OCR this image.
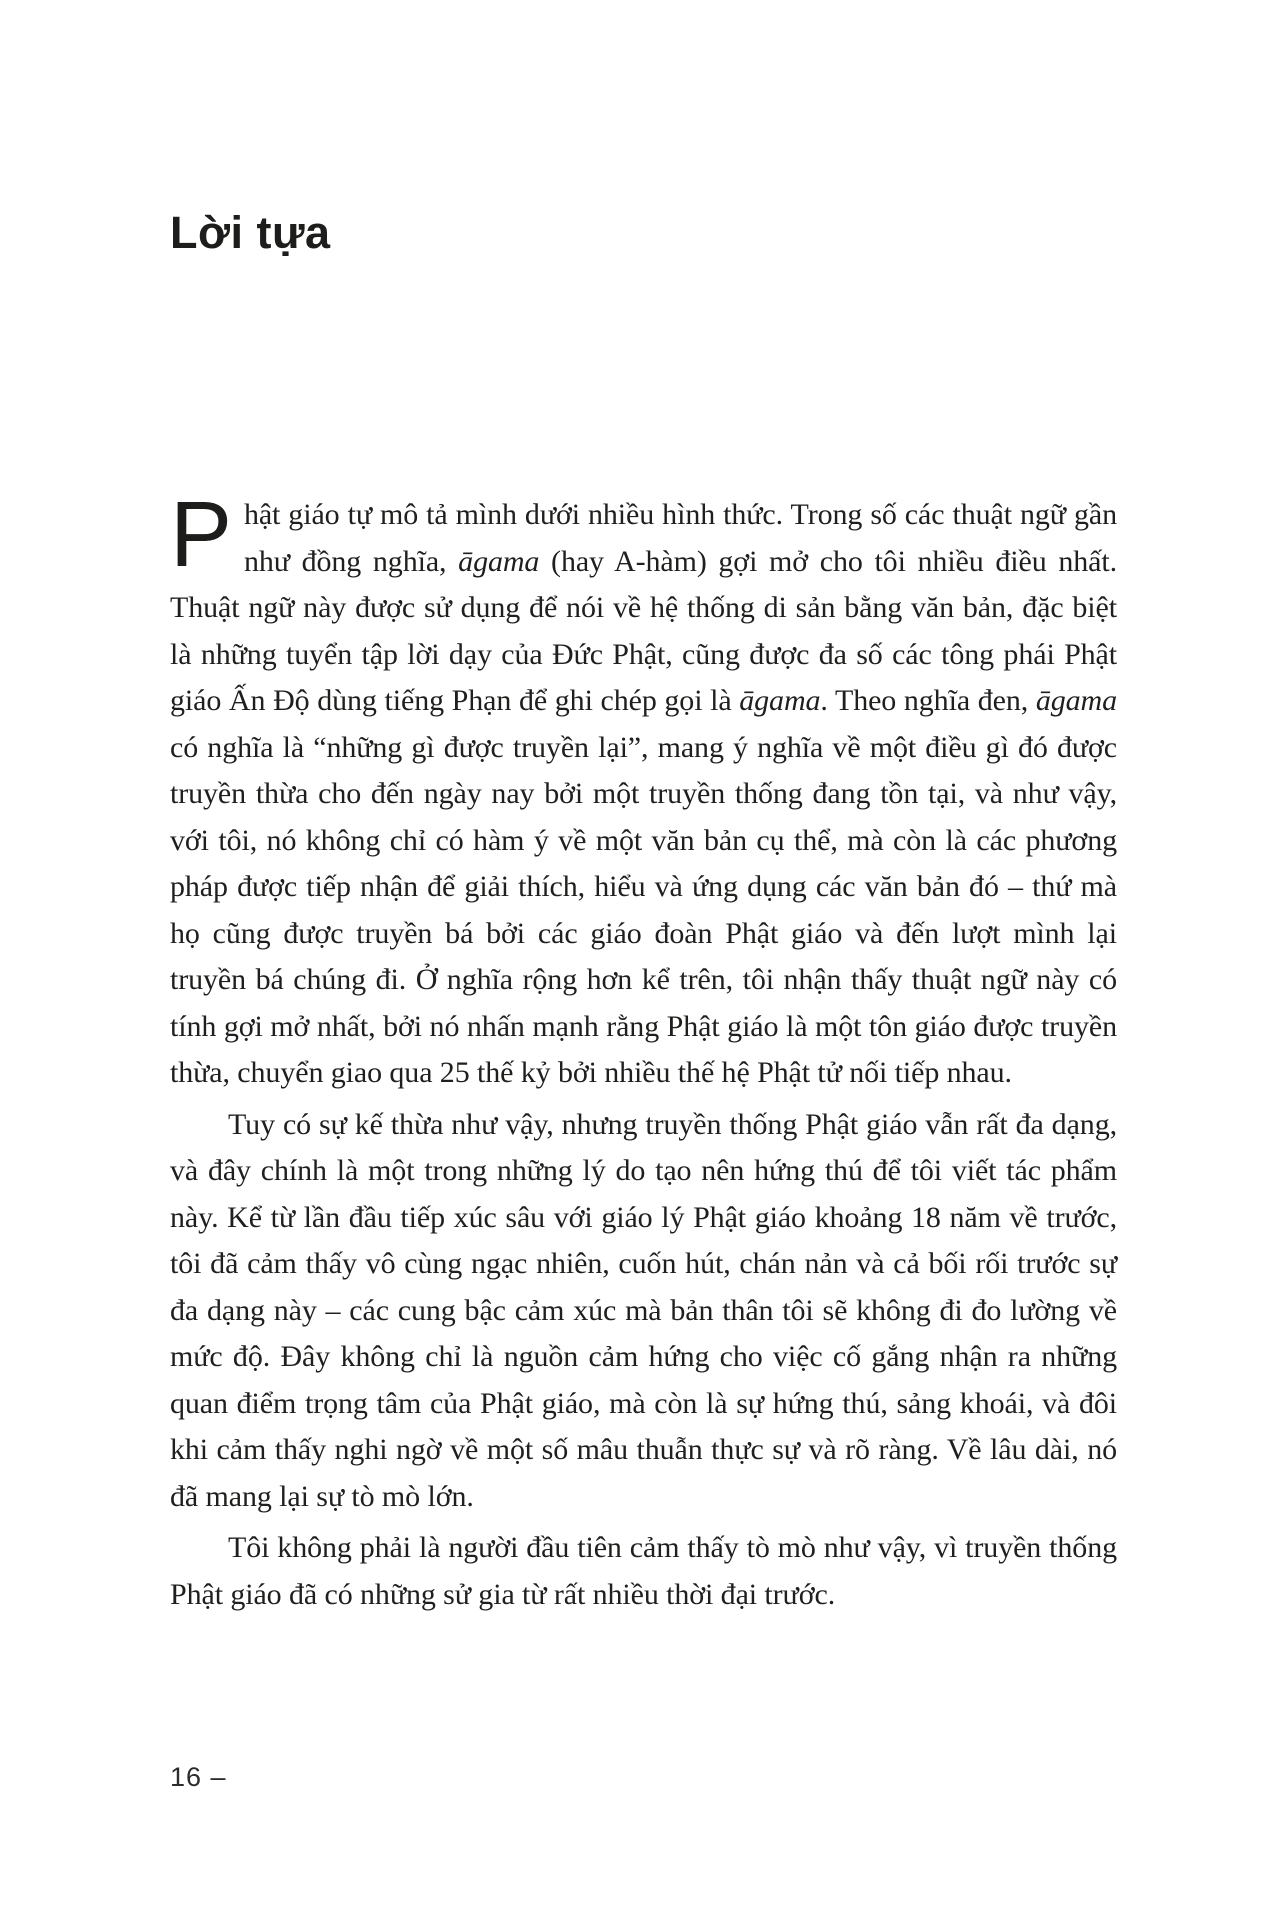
Lời tựa

Phật giáo tự mô tả mình dưới nhiều hình thức. Trong số các thuật ngữ gần như đồng nghĩa, āgama (hay A-hàm) gợi mở cho tôi nhiều điều nhất. Thuật ngữ này được sử dụng để nói về hệ thống di sản bằng văn bản, đặc biệt là những tuyển tập lời dạy của Đức Phật, cũng được đa số các tông phái Phật giáo Ấn Độ dùng tiếng Phạn để ghi chép gọi là āgama. Theo nghĩa đen, āgama có nghĩa là “những gì được truyền lại”, mang ý nghĩa về một điều gì đó được truyền thừa cho đến ngày nay bởi một truyền thống đang tồn tại, và như vậy, với tôi, nó không chỉ có hàm ý về một văn bản cụ thể, mà còn là các phương pháp được tiếp nhận để giải thích, hiểu và ứng dụng các văn bản đó – thứ mà họ cũng được truyền bá bởi các giáo đoàn Phật giáo và đến lượt mình lại truyền bá chúng đi. Ở nghĩa rộng hơn kể trên, tôi nhận thấy thuật ngữ này có tính gợi mở nhất, bởi nó nhấn mạnh rằng Phật giáo là một tôn giáo được truyền thừa, chuyển giao qua 25 thế kỷ bởi nhiều thế hệ Phật tử nối tiếp nhau.

Tuy có sự kế thừa như vậy, nhưng truyền thống Phật giáo vẫn rất đa dạng, và đây chính là một trong những lý do tạo nên hứng thú để tôi viết tác phẩm này. Kể từ lần đầu tiếp xúc sâu với giáo lý Phật giáo khoảng 18 năm về trước, tôi đã cảm thấy vô cùng ngạc nhiên, cuốn hút, chán nản và cả bối rối trước sự đa dạng này – các cung bậc cảm xúc mà bản thân tôi sẽ không đi đo lường về mức độ. Đây không chỉ là nguồn cảm hứng cho việc cố gắng nhận ra những quan điểm trọng tâm của Phật giáo, mà còn là sự hứng thú, sảng khoái, và đôi khi cảm thấy nghi ngờ về một số mâu thuẫn thực sự và rõ ràng. Về lâu dài, nó đã mang lại sự tò mò lớn.

Tôi không phải là người đầu tiên cảm thấy tò mò như vậy, vì truyền thống Phật giáo đã có những sử gia từ rất nhiều thời đại trước.

16 –
